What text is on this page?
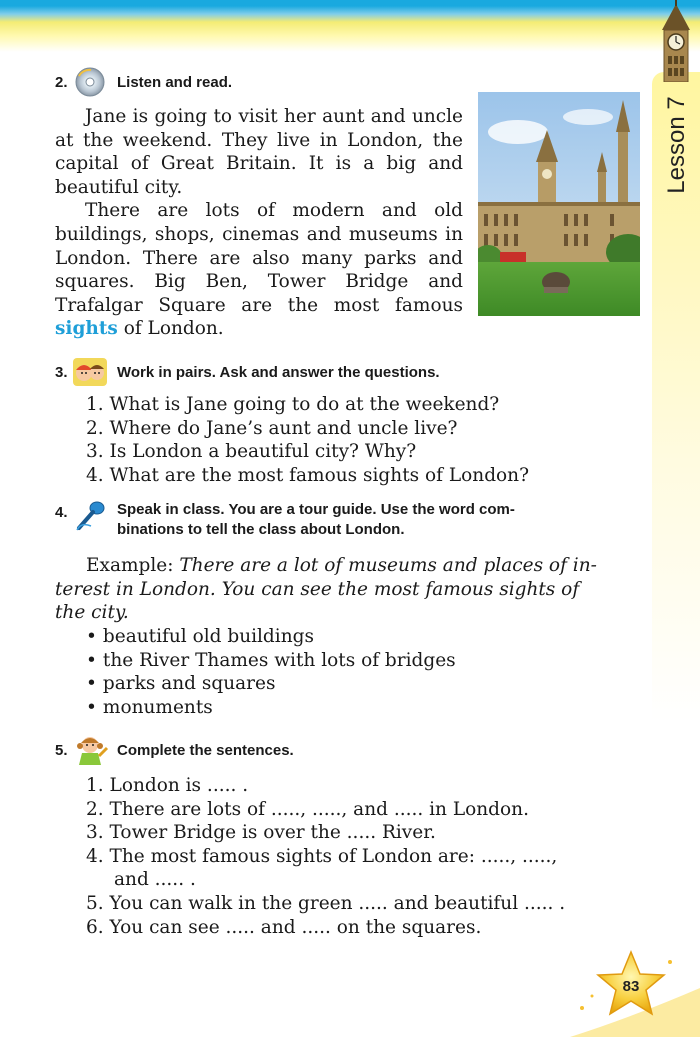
Lesson 7
2.	Listen and read.

Jane is going to visit her aunt and uncle at the weekend. They live in London, the capital of Great Britain. It is a big and beautiful city.

There are lots of modern and old buildings, shops, cinemas and museums in London. There are also many parks and squares. Big Ben, Tower Bridge and Trafalgar Square are the most famous sights of London.

3.	Work in pairs. Ask and answer the questions.
1. What is Jane going to do at the weekend?
2. Where do Jane’s aunt and uncle live?
3. Is London a beautiful city? Why?
4. What are the most famous sights of London?
4.	Speak in class. You are a tour guide. Use the word com-
binations to tell the class about London.
Example: There are a lot of museums and places of in-
terest in London. You can see the most famous sights of
the city.
• beautiful old buildings
• the River Thames with lots of bridges
• parks and squares
• monuments
5.	Complete the sentences.
1. London is ..... .
2. There are lots of ....., ....., and ..... in London.
3. Tower Bridge is over the ..... River.
4. The most famous sights of London are: ....., .....,
and ..... .
5. You can walk in the green ..... and beautiful ..... .
6. You can see ..... and ..... on the squares.
83
